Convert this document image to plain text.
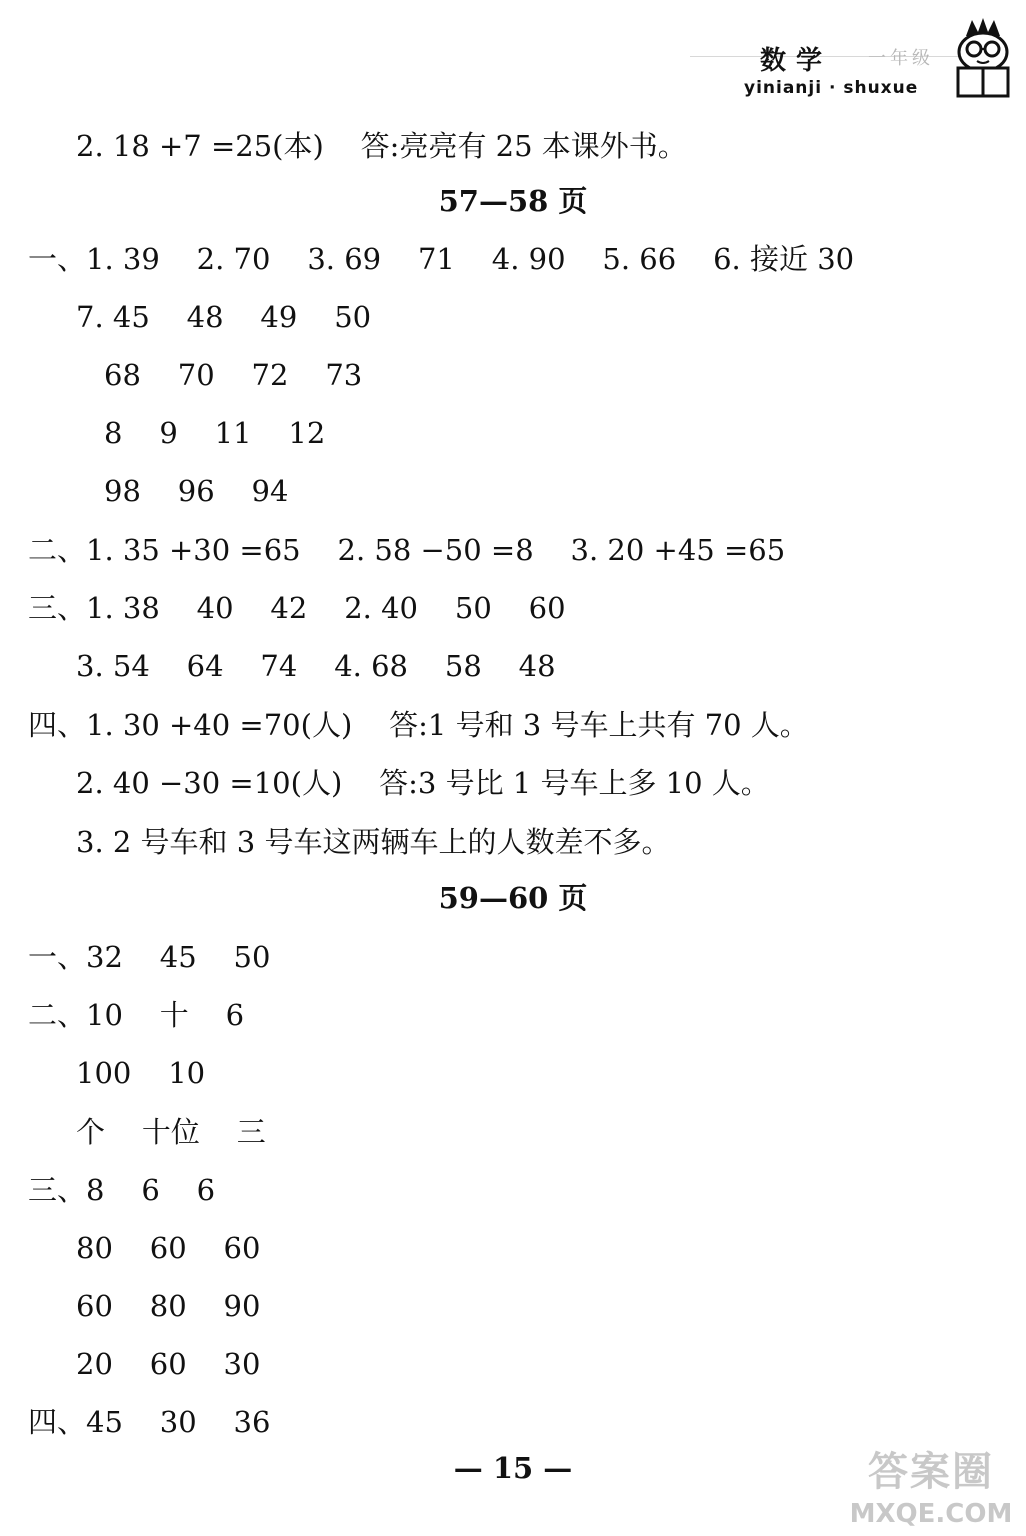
数学 一年级
yinianji · shuxue
2. 18 +7 =25(本)    答:亮亮有 25 本课外书。
57—58 页
一、1. 39    2. 70    3. 69    71    4. 90    5. 66    6. 接近 30
7. 45    48    49    50
68    70    72    73
8    9    11    12
98    96    94
二、1. 35 +30 =65    2. 58 −50 =8    3. 20 +45 =65
三、1. 38    40    42    2. 40    50    60
3. 54    64    74    4. 68    58    48
四、1. 30 +40 =70(人)    答:1 号和 3 号车上共有 70 人。
2. 40 −30 =10(人)    答:3 号比 1 号车上多 10 人。
3. 2 号车和 3 号车这两辆车上的人数差不多。
59—60 页
一、32    45    50
二、10    十    6
100    10
个    十位    三
三、8    6    6
80    60    60
60    80    90
20    60    30
四、45    30    36
— 15 —	答案圈
MXQE.COM
